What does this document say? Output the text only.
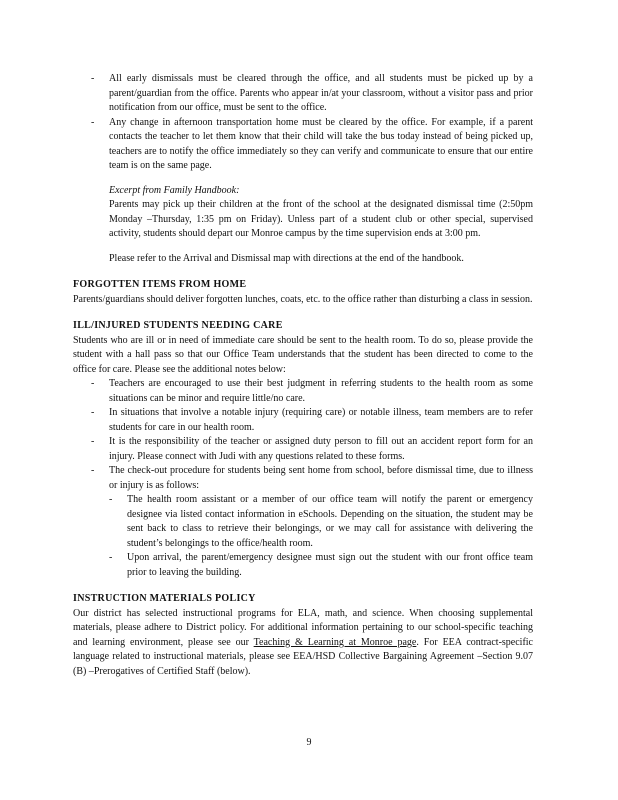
- All early dismissals must be cleared through the office, and all students must be picked up by a parent/guardian from the office. Parents who appear in/at your classroom, without a visitor pass and prior notification from our office, must be sent to the office.
- Any change in afternoon transportation home must be cleared by the office. For example, if a parent contacts the teacher to let them know that their child will take the bus today instead of being picked up, teachers are to notify the office immediately so they can verify and communicate to ensure that our entire team is on the same page.

Excerpt from Family Handbook:

Parents may pick up their children at the front of the school at the designated dismissal time (2:50pm Monday –Thursday, 1:35 pm on Friday). Unless part of a student club or other special, supervised activity, students should depart our Monroe campus by the time supervision ends at 3:00 pm.

Please refer to the Arrival and Dismissal map with directions at the end of the handbook.

FORGOTTEN ITEMS FROM HOME

Parents/guardians should deliver forgotten lunches, coats, etc. to the office rather than disturbing a class in session.

ILL/INJURED STUDENTS NEEDING CARE

Students who are ill or in need of immediate care should be sent to the health room. To do so, please provide the student with a hall pass so that our Office Team understands that the student has been directed to come to the office for care. Please see the additional notes below:

- Teachers are encouraged to use their best judgment in referring students to the health room as some situations can be minor and require little/no care.
- In situations that involve a notable injury (requiring care) or notable illness, team members are to refer students for care in our health room.
- It is the responsibility of the teacher or assigned duty person to fill out an accident report form for an injury. Please connect with Judi with any questions related to these forms.
- The check-out procedure for students being sent home from school, before dismissal time, due to illness or injury is as follows:
- The health room assistant or a member of our office team will notify the parent or emergency designee via listed contact information in eSchools. Depending on the situation, the student may be sent back to class to retrieve their belongings, or we may call for assistance with delivering the student’s belongings to the office/health room.
- Upon arrival, the parent/emergency designee must sign out the student with our front office team prior to leaving the building.

INSTRUCTION MATERIALS POLICY

Our district has selected instructional programs for ELA, math, and science. When choosing supplemental materials, please adhere to District policy. For additional information pertaining to our school-specific teaching and learning environment, please see our Teaching & Learning at Monroe page. For EEA contract-specific language related to instructional materials, please see EEA/HSD Collective Bargaining Agreement –Section 9.07 (B) –Prerogatives of Certified Staff (below).

9
